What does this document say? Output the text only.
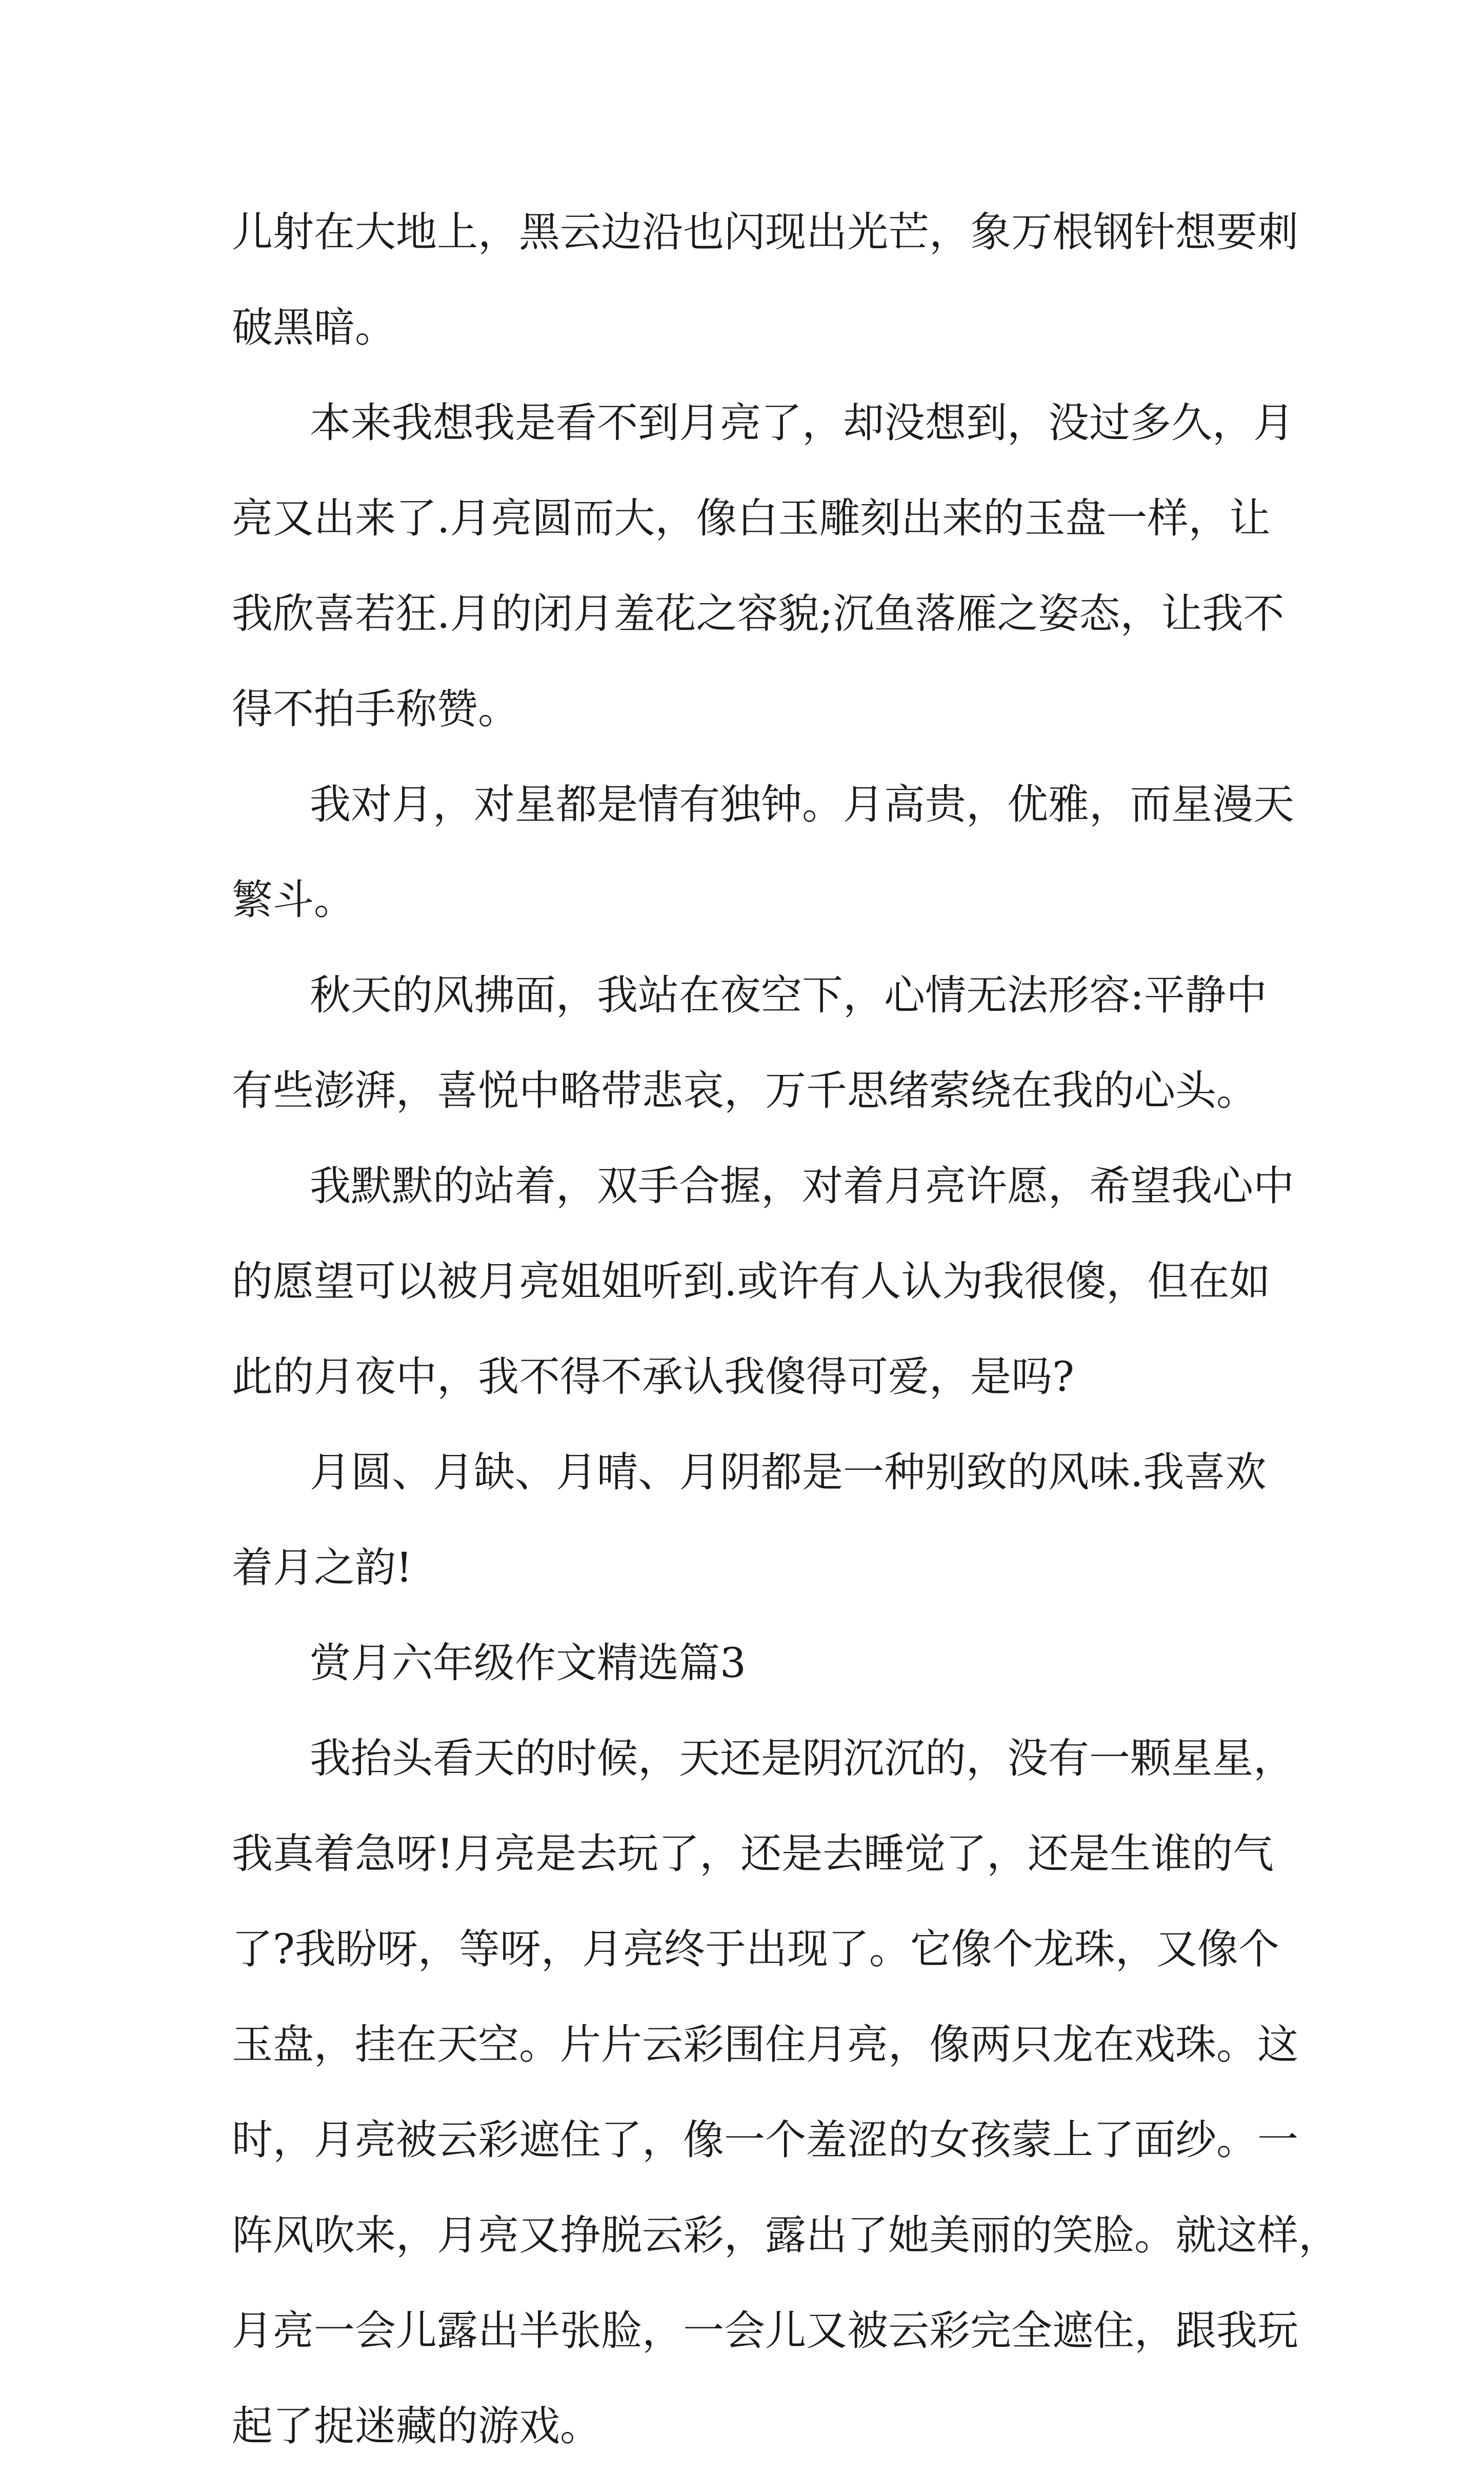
儿射在大地上，黑云边沿也闪现出光芒，象万根钢针想要刺
破黑暗。
本来我想我是看不到月亮了，却没想到，没过多久，月
亮又出来了.月亮圆而大，像白玉雕刻出来的玉盘一样，让
我欣喜若狂.月的闭月羞花之容貌;沉鱼落雁之姿态，让我不
得不拍手称赞。
我对月，对星都是情有独钟。月高贵，优雅，而星漫天
繁斗。
秋天的风拂面，我站在夜空下，心情无法形容:平静中
有些澎湃，喜悦中略带悲哀，万千思绪萦绕在我的心头。
我默默的站着，双手合握，对着月亮许愿，希望我心中
的愿望可以被月亮姐姐听到.或许有人认为我很傻，但在如
此的月夜中，我不得不承认我傻得可爱，是吗?
月圆、月缺、月晴、月阴都是一种别致的风味.我喜欢
着月之韵!
赏月六年级作文精选篇3
我抬头看天的时候，天还是阴沉沉的，没有一颗星星，
我真着急呀!月亮是去玩了，还是去睡觉了，还是生谁的气
了?我盼呀，等呀，月亮终于出现了。它像个龙珠，又像个
玉盘，挂在天空。片片云彩围住月亮，像两只龙在戏珠。这
时，月亮被云彩遮住了，像一个羞涩的女孩蒙上了面纱。一
阵风吹来，月亮又挣脱云彩，露出了她美丽的笑脸。就这样，
月亮一会儿露出半张脸，一会儿又被云彩完全遮住，跟我玩
起了捉迷藏的游戏。
